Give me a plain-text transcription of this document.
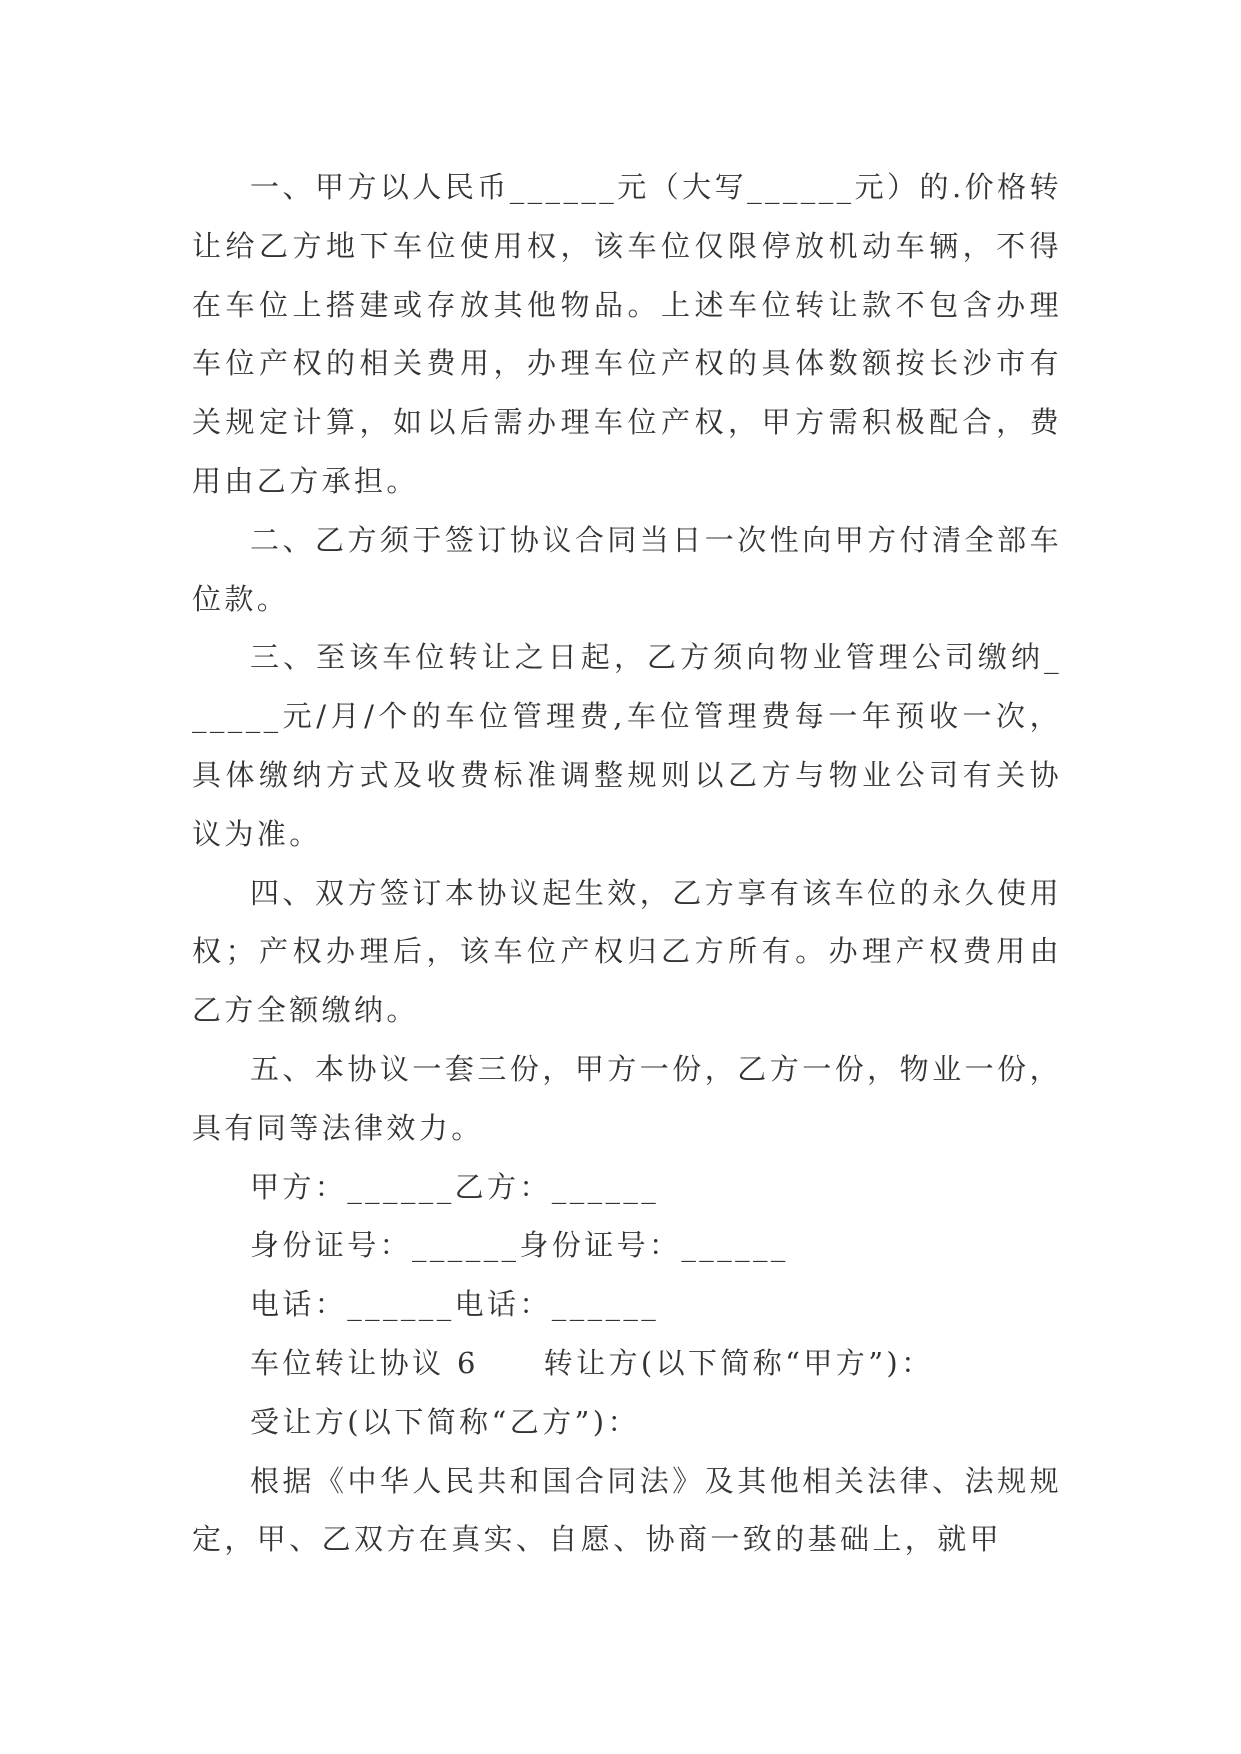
一、甲方以人民币______元（大写______元）的.价格转让给乙方地下车位使用权，该车位仅限停放机动车辆，不得在车位上搭建或存放其他物品。上述车位转让款不包含办理车位产权的相关费用，办理车位产权的具体数额按长沙市有关规定计算，如以后需办理车位产权，甲方需积极配合，费用由乙方承担。

二、乙方须于签订协议合同当日一次性向甲方付清全部车位款。

三、至该车位转让之日起，乙方须向物业管理公司缴纳______元/月/个的车位管理费,车位管理费每一年预收一次，具体缴纳方式及收费标准调整规则以乙方与物业公司有关协议为准。

四、双方签订本协议起生效，乙方享有该车位的永久使用权；产权办理后，该车位产权归乙方所有。办理产权费用由乙方全额缴纳。

五、本协议一套三份，甲方一份，乙方一份，物业一份，具有同等法律效力。

甲方：______乙方：______

身份证号：______身份证号：______

电话：______电话：______

车位转让协议 6　　转让方(以下简称“甲方”)：

受让方(以下简称“乙方”)：

根据《中华人民共和国合同法》及其他相关法律、法规规定，甲、乙双方在真实、自愿、协商一致的基础上，就甲
